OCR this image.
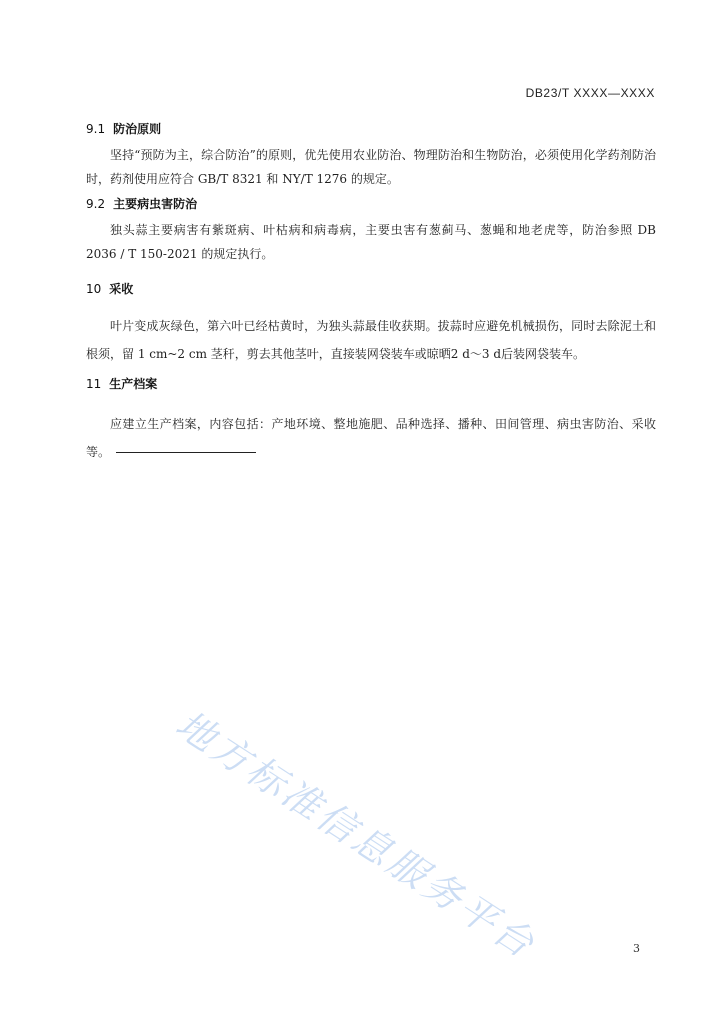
DB23/T XXXX—XXXX
9.1 防治原则
坚持“预防为主，综合防治”的原则，优先使用农业防治、物理防治和生物防治，必须使用化学药剂防治时，药剂使用应符合 GB/T 8321 和 NY/T 1276 的规定。
9.2 主要病虫害防治
独头蒜主要病害有紫斑病、叶枯病和病毒病，主要虫害有葱蓟马、葱蝇和地老虎等，防治参照 DB 2036 / T 150-2021 的规定执行。
10 采收
叶片变成灰绿色，第六叶已经枯黄时，为独头蒜最佳收获期。拔蒜时应避免机械损伤，同时去除泥土和根须，留 1 cm~2 cm 茎秆，剪去其他茎叶，直接装网袋装车或晾晒2 d～3 d后装网袋装车。
11 生产档案
应建立生产档案，内容包括：产地环境、整地施肥、品种选择、播种、田间管理、病虫害防治、采收等。
地方标准信息服务平台	3
